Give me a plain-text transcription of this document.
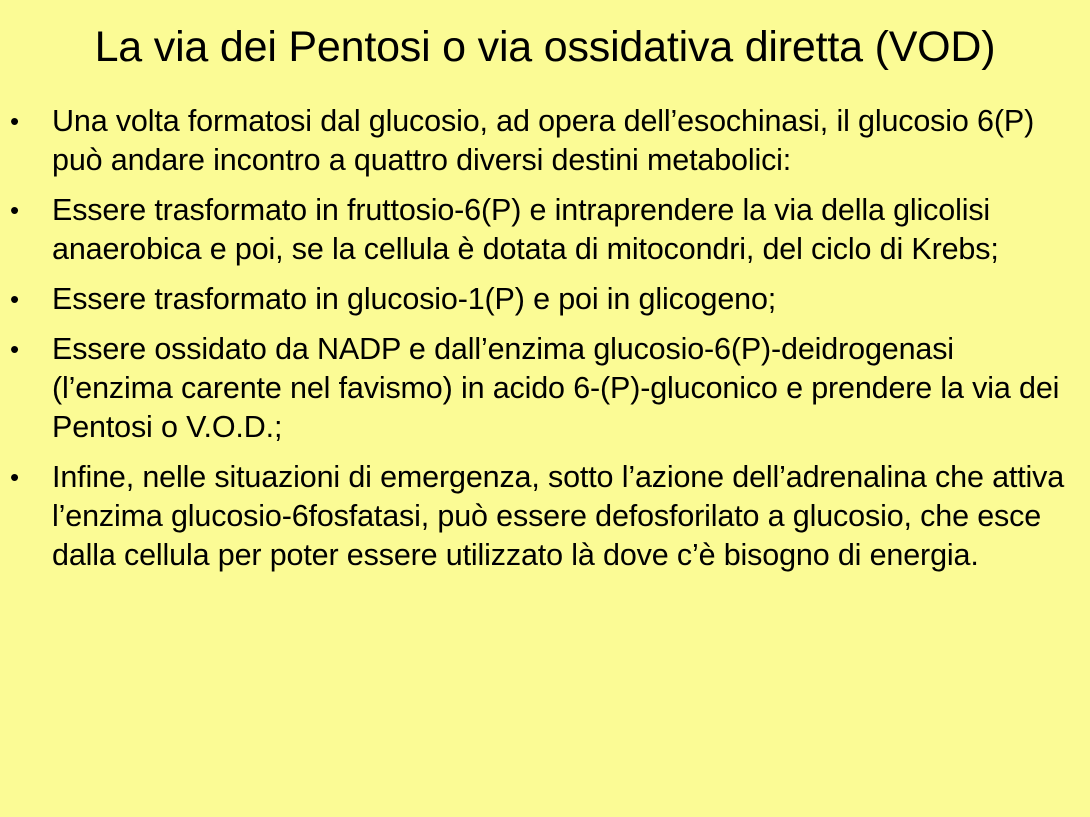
La via dei Pentosi o via ossidativa diretta (VOD)
• Una volta formatosi dal glucosio, ad opera dell’esochinasi, il glucosio 6(P) può andare incontro a quattro diversi destini metabolici:
• Essere trasformato in fruttosio-6(P) e intraprendere la via della glicolisi anaerobica e poi, se la cellula è dotata di mitocondri, del ciclo di Krebs;
• Essere trasformato in glucosio-1(P) e poi in glicogeno;
• Essere ossidato da NADP e dall’enzima glucosio-6(P)-deidrogenasi (l’enzima carente nel favismo) in acido 6-(P)-gluconico e prendere la via dei Pentosi o V.O.D.;
• Infine, nelle situazioni di emergenza, sotto l’azione dell’adrenalina che attiva l’enzima glucosio-6fosfatasi, può essere defosforilato a glucosio, che esce dalla cellula per poter essere utilizzato là dove c’è bisogno di energia.
